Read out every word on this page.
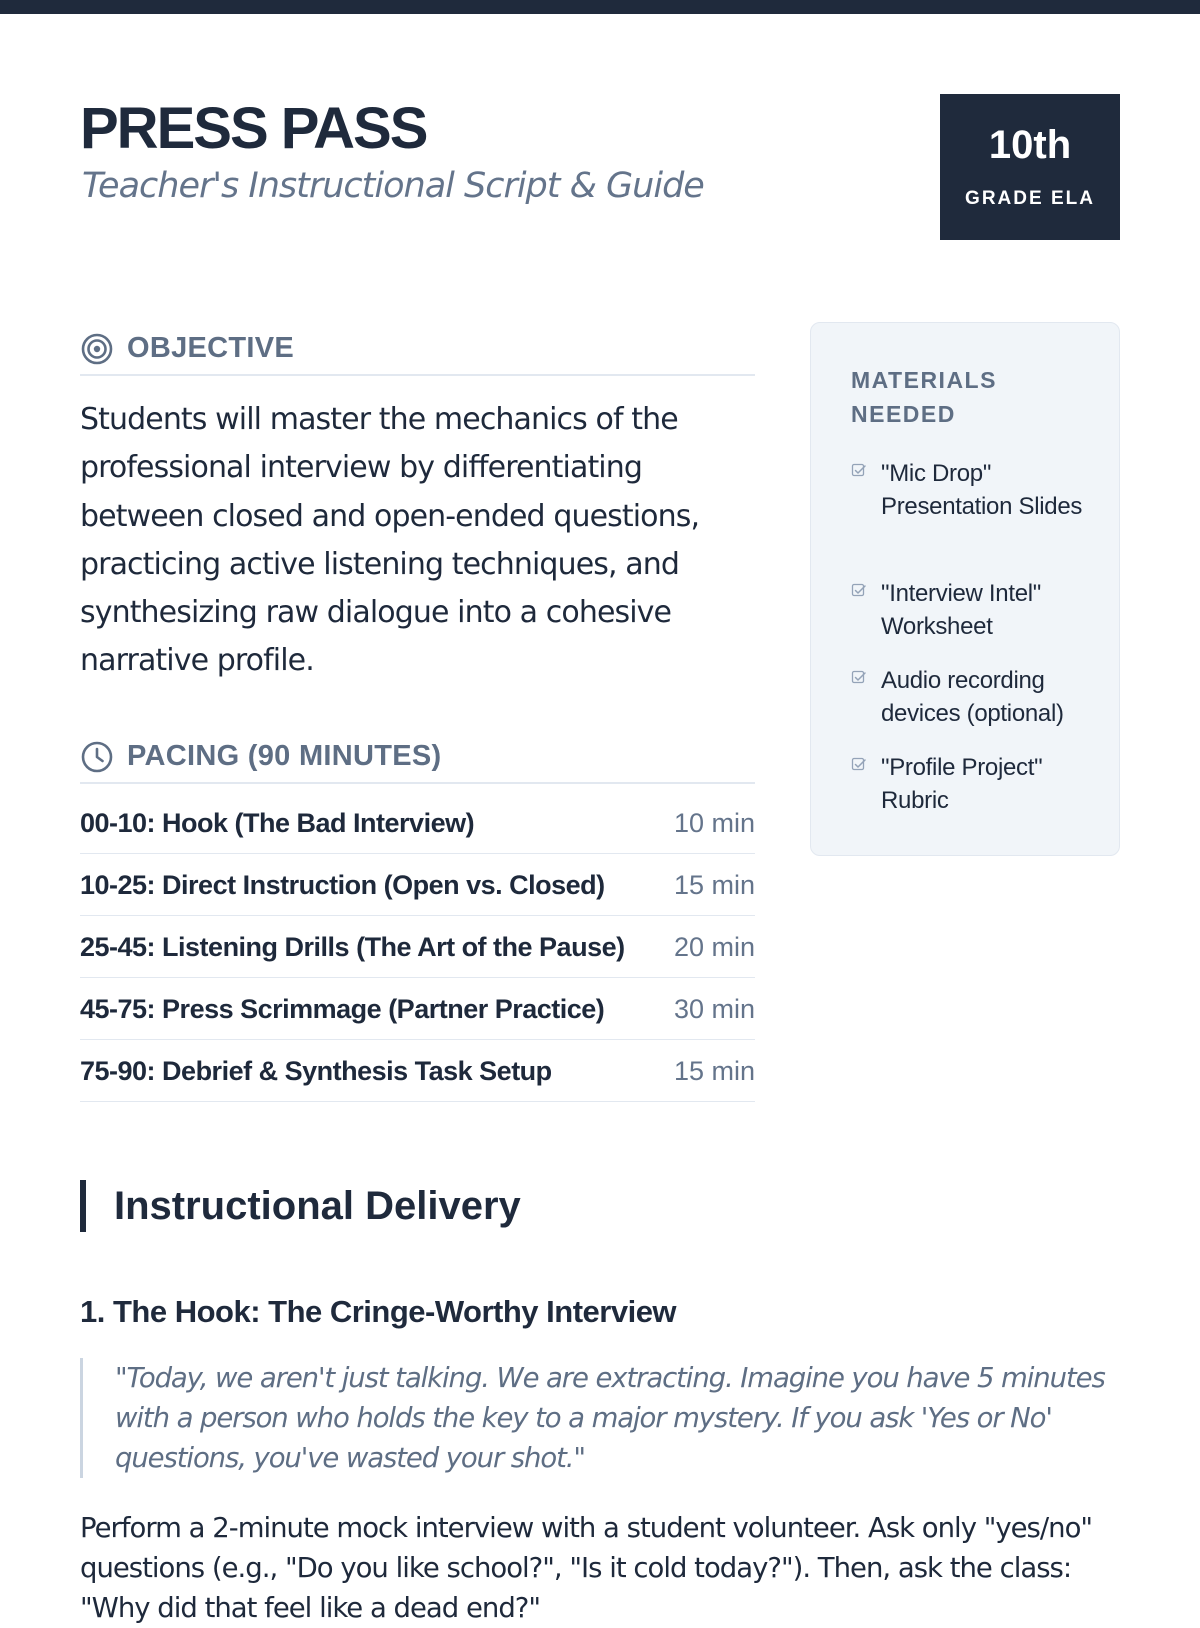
PRESS PASS
Teacher's Instructional Script & Guide
10th
GRADE ELA
OBJECTIVE
Students will master the mechanics of the professional interview by differentiating between closed and open-ended questions, practicing active listening techniques, and synthesizing raw dialogue into a cohesive narrative profile.
PACING (90 MINUTES)
00-10: Hook (The Bad Interview)	10 min
10-25: Direct Instruction (Open vs. Closed)	15 min
25-45: Listening Drills (The Art of the Pause) 20 min
45-75: Press Scrimmage (Partner Practice)	30 min
75-90: Debrief & Synthesis Task Setup	15 min
MATERIALS NEEDED
"Mic Drop" Presentation Slides
"Interview Intel" Worksheet
Audio recording devices (optional)
"Profile Project" Rubric
Instructional Delivery
1. The Hook: The Cringe-Worthy Interview
"Today, we aren't just talking. We are extracting. Imagine you have 5 minutes with a person who holds the key to a major mystery. If you ask 'Yes or No' questions, you've wasted your shot."
Perform a 2-minute mock interview with a student volunteer. Ask only "yes/no" questions (e.g., "Do you like school?", "Is it cold today?"). Then, ask the class: "Why did that feel like a dead end?"
